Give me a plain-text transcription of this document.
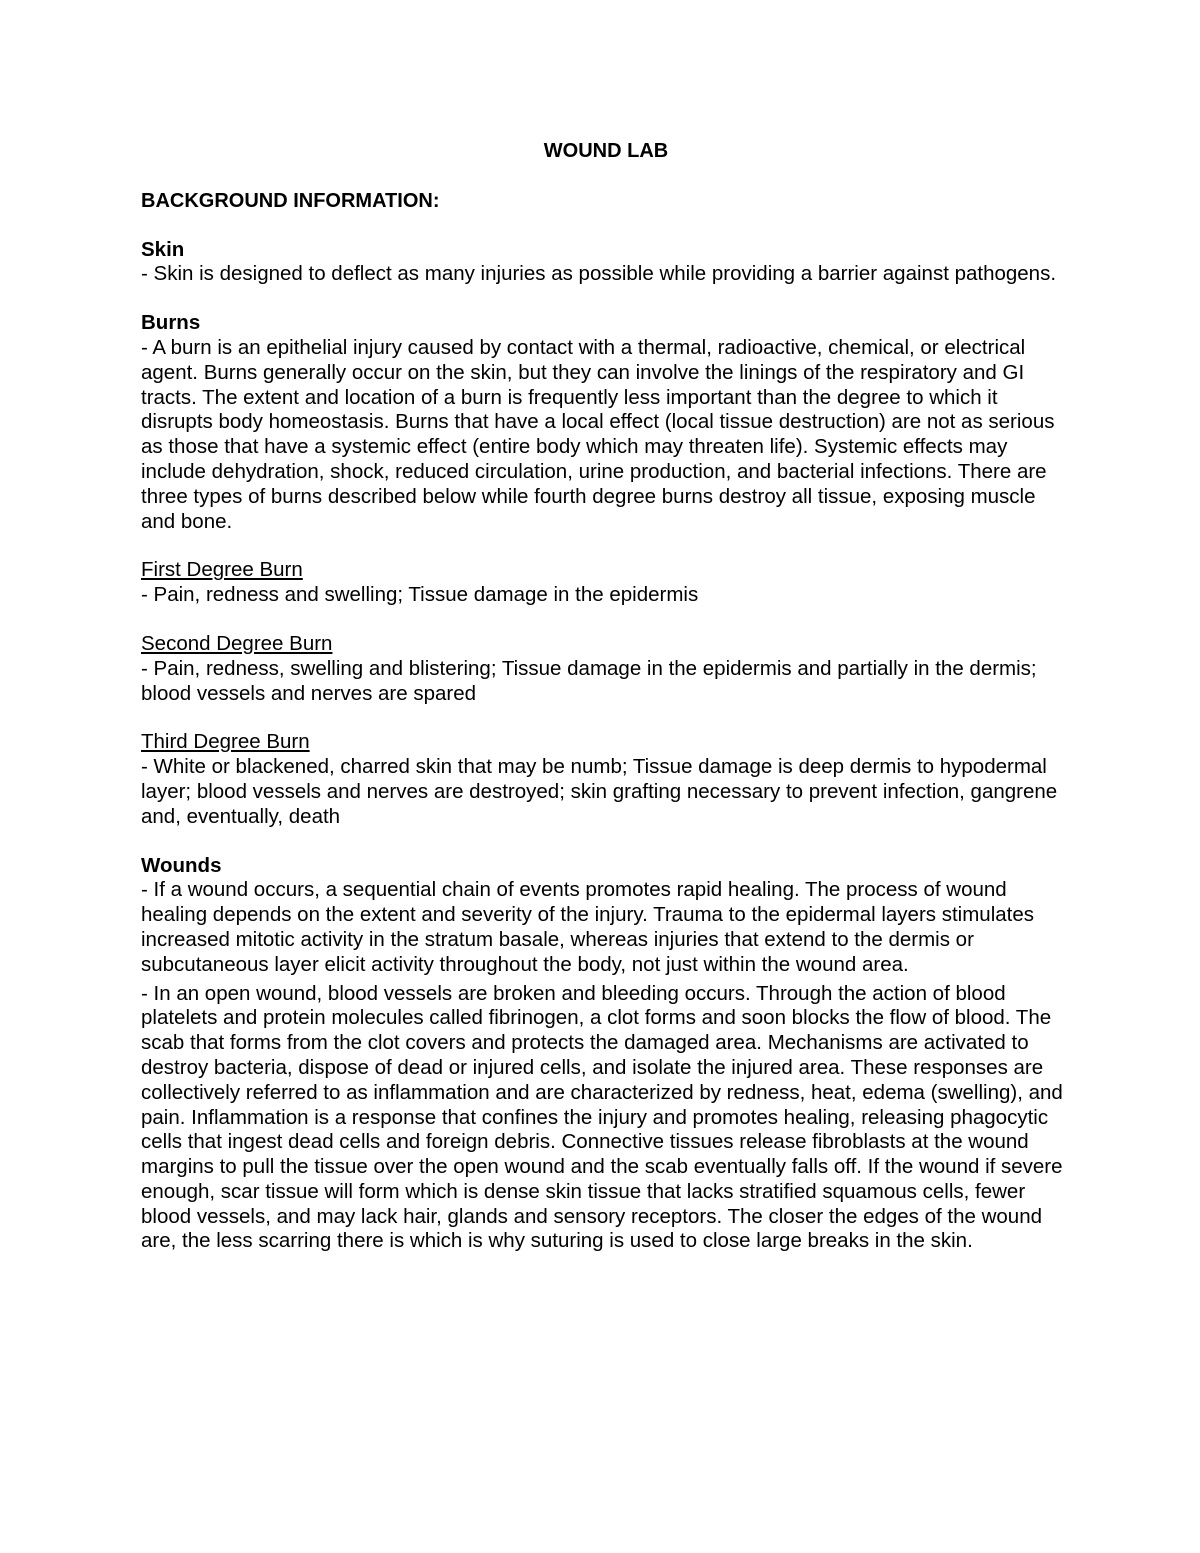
WOUND LAB
BACKGROUND INFORMATION:
Skin

- Skin is designed to deflect as many injuries as possible while providing a barrier against pathogens.

Burns

- A burn is an epithelial injury caused by contact with a thermal, radioactive, chemical, or electrical agent. Burns generally occur on the skin, but they can involve the linings of the respiratory and GI tracts. The extent and location of a burn is frequently less important than the degree to which it disrupts body homeostasis. Burns that have a local effect (local tissue destruction) are not as serious as those that have a systemic effect (entire body which may threaten life). Systemic effects may include dehydration, shock, reduced circulation, urine production, and bacterial infections. There are three types of burns described below while fourth degree burns destroy all tissue, exposing muscle and bone.

First Degree Burn

- Pain, redness and swelling; Tissue damage in the epidermis

Second Degree Burn

- Pain, redness, swelling and blistering; Tissue damage in the epidermis and partially in the dermis; blood vessels and nerves are spared

Third Degree Burn

- White or blackened, charred skin that may be numb; Tissue damage is deep dermis to hypodermal layer; blood vessels and nerves are destroyed; skin grafting necessary to prevent infection, gangrene and, eventually, death

Wounds

- If a wound occurs, a sequential chain of events promotes rapid healing. The process of wound healing depends on the extent and severity of the injury. Trauma to the epidermal layers stimulates increased mitotic activity in the stratum basale, whereas injuries that extend to the dermis or subcutaneous layer elicit activity throughout the body, not just within the wound area.

- In an open wound, blood vessels are broken and bleeding occurs. Through the action of blood platelets and protein molecules called fibrinogen, a clot forms and soon blocks the flow of blood. The scab that forms from the clot covers and protects the damaged area. Mechanisms are activated to destroy bacteria, dispose of dead or injured cells, and isolate the injured area. These responses are collectively referred to as inflammation and are characterized by redness, heat, edema (swelling), and pain. Inflammation is a response that confines the injury and promotes healing, releasing phagocytic cells that ingest dead cells and foreign debris. Connective tissues release fibroblasts at the wound margins to pull the tissue over the open wound and the scab eventually falls off. If the wound if severe enough, scar tissue will form which is dense skin tissue that lacks stratified squamous cells, fewer blood vessels, and may lack hair, glands and sensory receptors. The closer the edges of the wound are, the less scarring there is which is why suturing is used to close large breaks in the skin.
